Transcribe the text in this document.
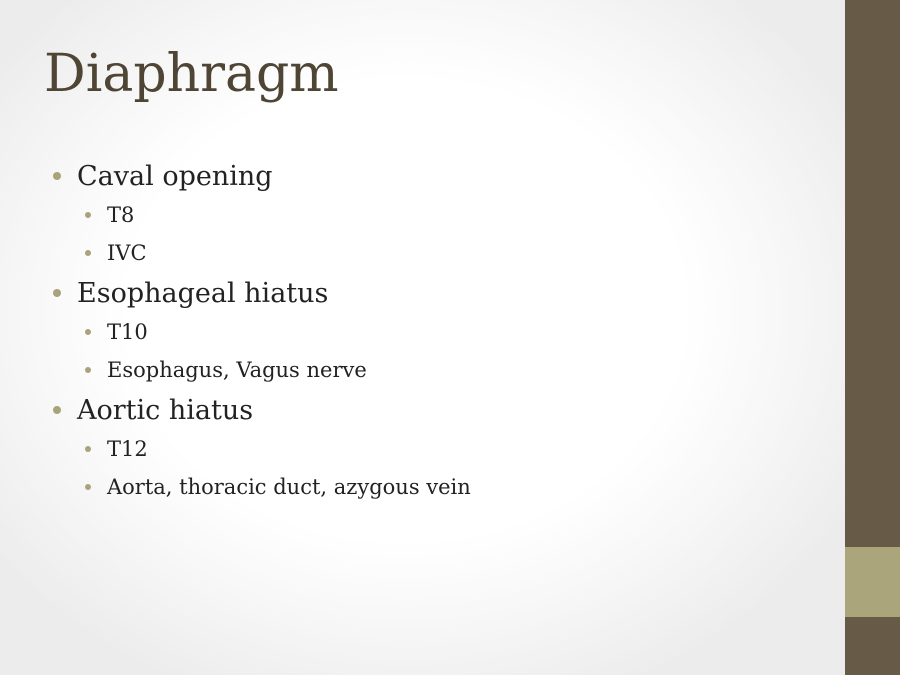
Diaphragm
Caval opening
T8
IVC
Esophageal hiatus
T10
Esophagus, Vagus nerve
Aortic hiatus
T12
Aorta, thoracic duct, azygous vein
